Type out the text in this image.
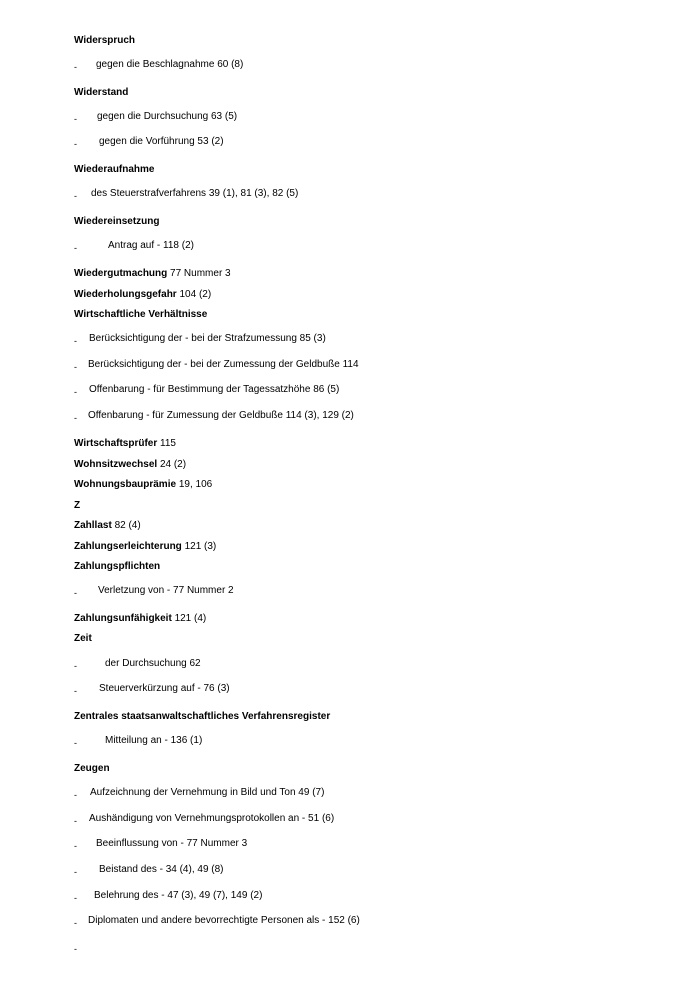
Widerspruch
- gegen die Beschlagnahme 60 (8)
Widerstand
- gegen die Durchsuchung 63 (5)
- gegen die Vorführung 53 (2)
Wiederaufnahme
- des Steuerstrafverfahrens 39 (1), 81 (3), 82 (5)
Wiedereinsetzung
-	Antrag auf - 118 (2)
Wiedergutmachung 77 Nummer 3
Wiederholungsgefahr 104 (2)
Wirtschaftliche Verhältnisse
- Berücksichtigung der - bei der Strafzumessung 85 (3)
- Berücksichtigung der - bei der Zumessung der Geldbuße 114
- Offenbarung - für Bestimmung der Tagessatzhöhe 86 (5)
- Offenbarung - für Zumessung der Geldbuße 114 (3), 129 (2)
Wirtschaftsprüfer 115
Wohnsitzwechsel 24 (2)
Wohnungsbauprämie 19, 106
Z
Zahllast 82 (4)
Zahlungserleichterung 121 (3)
Zahlungspflichten
- Verletzung von - 77 Nummer 2
Zahlungsunfähigkeit 121 (4)
Zeit
-	der Durchsuchung 62
- Steuerverkürzung auf - 76 (3)
Zentrales staatsanwaltschaftliches Verfahrensregister
-	Mitteilung an - 136 (1)
Zeugen
- Aufzeichnung der Vernehmung in Bild und Ton 49 (7)
- Aushändigung von Vernehmungsprotokollen an - 51 (6)
- Beeinflussung von - 77 Nummer 3
- Beistand des - 34 (4), 49 (8)
- Belehrung des - 47 (3), 49 (7), 149 (2)
- Diplomaten und andere bevorrechtigte Personen als - 152 (6)
-
